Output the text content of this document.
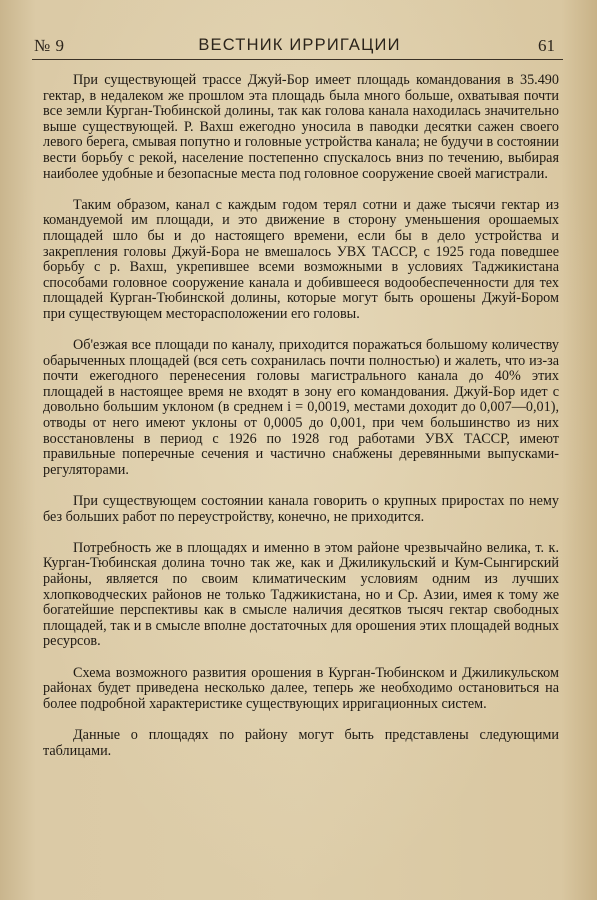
№ 9	ВЕСТНИК ИРРИГАЦИИ	61

При существующей трассе Джуй-Бор имеет площадь командования в 35.490 гектар, в недалеком же прошлом эта площадь была много больше, охватывая почти все земли Курган-Тюбинской долины, так как голова канала находилась значительно выше существующей. Р. Вахш ежегодно уносила в паводки десятки сажен своего левого берега, смывая попутно и головные устройства канала; не будучи в состоянии вести борьбу с рекой, население постепенно спускалось вниз по течению, выбирая наиболее удобные и безопасные места под головное сооружение своей магистрали.

Таким образом, канал с каждым годом терял сотни и даже тысячи гектар из командуемой им площади, и это движение в сторону уменьшения орошаемых площадей шло бы и до настоящего времени, если бы в дело устройства и закрепления головы Джуй-Бора не вмешалось УВХ ТАССР, с 1925 года поведшее борьбу с р. Вахш, укрепившее всеми возможными в условиях Таджикистана способами головное сооружение канала и добившееся водообеспеченности для тех площадей Курган-Тюбинской долины, которые могут быть орошены Джуй-Бором при существующем месторасположении его головы.

Об'езжая все площади по каналу, приходится поражаться большому количеству обарыченных площадей (вся сеть сохранилась почти полностью) и жалеть, что из-за почти ежегодного перенесения головы магистрального канала до 40% этих площадей в настоящее время не входят в зону его командования. Джуй-Бор идет с довольно большим уклоном (в среднем i = 0,0019, местами доходит до 0,007—0,01), отводы от него имеют уклоны от 0,0005 до 0,001, при чем большинство из них восстановлены в период с 1926 по 1928 год работами УВХ ТАССР, имеют правильные поперечные сечения и частично снабжены деревянными выпусками-регуляторами.

При существующем состоянии канала говорить о крупных приростах по нему без больших работ по переустройству, конечно, не приходится.

Потребность же в площадях и именно в этом районе чрезвычайно велика, т. к. Курган-Тюбинская долина точно так же, как и Джиликульский и Кум-Сынгирский районы, является по своим климатическим условиям одним из лучших хлопководческих районов не только Таджикистана, но и Ср. Азии, имея к тому же богатейшие перспективы как в смысле наличия десятков тысяч гектар свободных площадей, так и в смысле вполне достаточных для орошения этих площадей водных ресурсов.

Схема возможного развития орошения в Курган-Тюбинском и Джиликульском районах будет приведена несколько далее, теперь же необходимо остановиться на более подробной характеристике существующих ирригационных систем.

Данные о площадях по району могут быть представлены следующими таблицами.
